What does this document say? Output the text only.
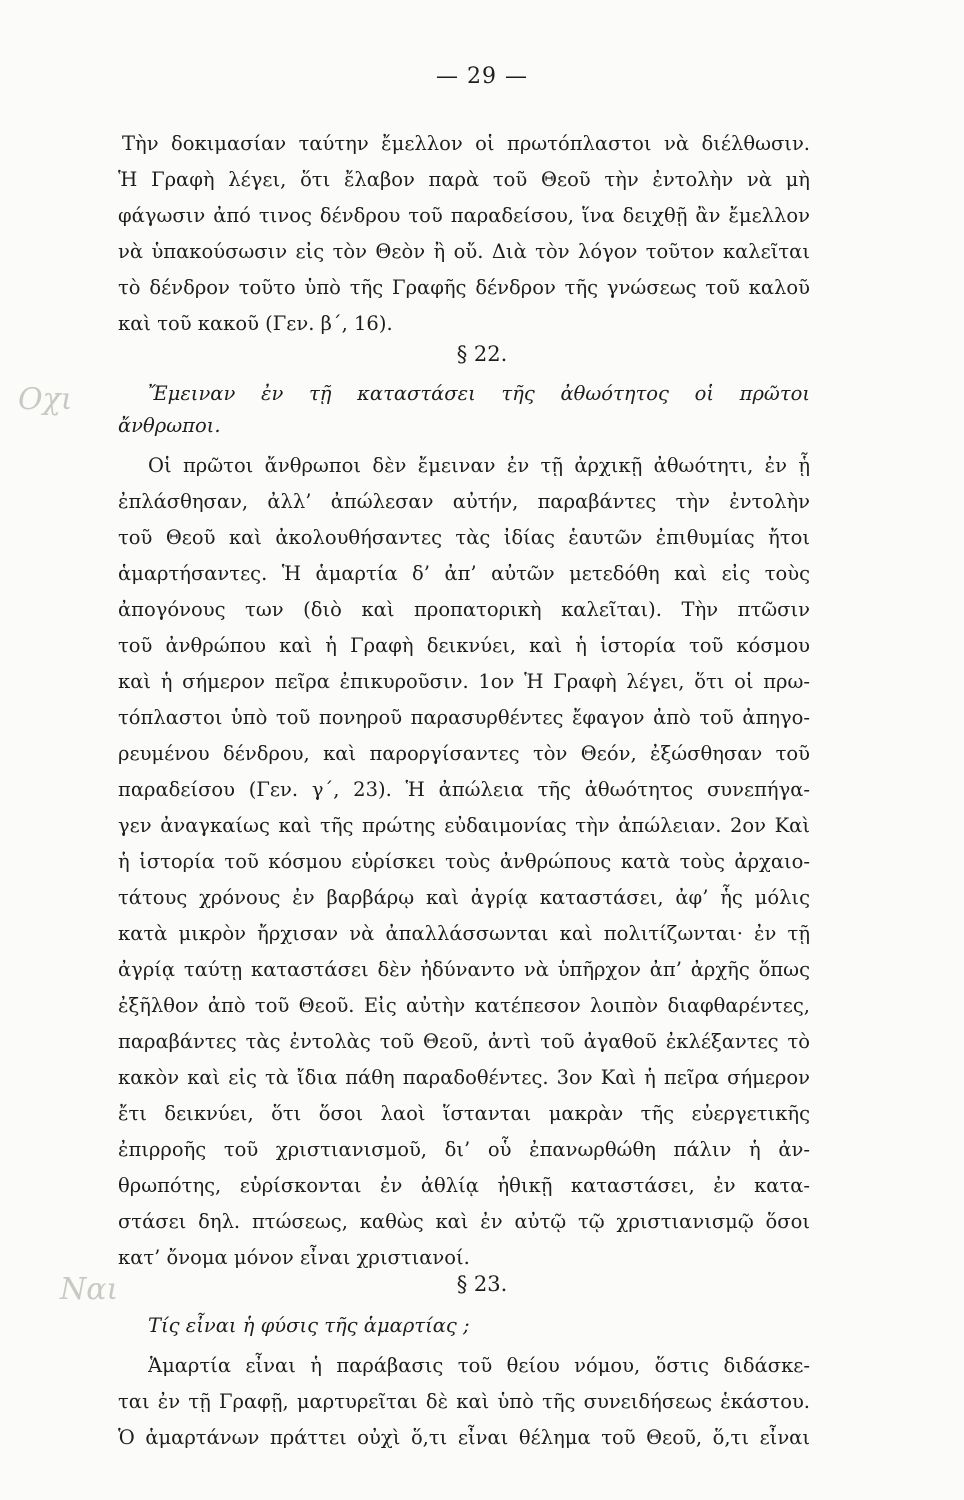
— 29 —
Οχι
Ναι
Τὴν δοκιμασίαν ταύτην ἔμελλον οἱ πρωτόπλαστοι νὰ διέλθωσιν.
Ἡ Γραφὴ λέγει, ὅτι ἔλαβον παρὰ τοῦ Θεοῦ τὴν ἐντολὴν νὰ μὴ
φάγωσιν ἀπό τινος δένδρου τοῦ παραδείσου, ἵνα δειχθῇ ἂν ἔμελλον
νὰ ὑπακούσωσιν εἰς τὸν Θεὸν ἢ οὔ. Διὰ τὸν λόγον τοῦτον καλεῖται
τὸ δένδρον τοῦτο ὑπὸ τῆς Γραφῆς δένδρον τῆς γνώσεως τοῦ καλοῦ
καὶ τοῦ κακοῦ (Γεν. β΄, 16).
§ 22.
Ἔμειναν ἐν τῇ καταστάσει τῆς ἀθωότητος οἱ πρῶτοι
ἄνθρωποι.
Οἱ πρῶτοι ἄνθρωποι δὲν ἔμειναν ἐν τῇ ἀρχικῇ ἀθωότητι, ἐν ᾗ
ἐπλάσθησαν, ἀλλ’ ἀπώλεσαν αὐτήν, παραβάντες τὴν ἐντολὴν
τοῦ Θεοῦ καὶ ἀκολουθήσαντες τὰς ἰδίας ἑαυτῶν ἐπιθυμίας ἤτοι
ἁμαρτήσαντες. Ἡ ἁμαρτία δ’ ἀπ’ αὐτῶν μετεδόθη καὶ εἰς τοὺς
ἀπογόνους των (διὸ καὶ προπατορικὴ καλεῖται). Τὴν πτῶσιν
τοῦ ἀνθρώπου καὶ ἡ Γραφὴ δεικνύει, καὶ ἡ ἱστορία τοῦ κόσμου
καὶ ἡ σήμερον πεῖρα ἐπικυροῦσιν. 1ον Ἡ Γραφὴ λέγει, ὅτι οἱ πρω-
τόπλαστοι ὑπὸ τοῦ πονηροῦ παρασυρθέντες ἔφαγον ἀπὸ τοῦ ἀπηγο-
ρευμένου δένδρου, καὶ παροργίσαντες τὸν Θεόν, ἐξώσθησαν τοῦ
παραδείσου (Γεν. γ΄, 23). Ἡ ἀπώλεια τῆς ἀθωότητος συνεπήγα-
γεν ἀναγκαίως καὶ τῆς πρώτης εὐδαιμονίας τὴν ἀπώλειαν. 2ον Καὶ
ἡ ἱστορία τοῦ κόσμου εὑρίσκει τοὺς ἀνθρώπους κατὰ τοὺς ἀρχαιο-
τάτους χρόνους ἐν βαρβάρῳ καὶ ἀγρίᾳ καταστάσει, ἀφ’ ἧς μόλις
κατὰ μικρὸν ἤρχισαν νὰ ἀπαλλάσσωνται καὶ πολιτίζωνται· ἐν τῇ
ἀγρίᾳ ταύτῃ καταστάσει δὲν ἠδύναντο νὰ ὑπῆρχον ἀπ’ ἀρχῆς ὅπως
ἐξῆλθον ἀπὸ τοῦ Θεοῦ. Εἰς αὐτὴν κατέπεσον λοιπὸν διαφθαρέντες,
παραβάντες τὰς ἐντολὰς τοῦ Θεοῦ, ἀντὶ τοῦ ἀγαθοῦ ἐκλέξαντες τὸ
κακὸν καὶ εἰς τὰ ἴδια πάθη παραδοθέντες. 3ον Καὶ ἡ πεῖρα σήμερον
ἔτι δεικνύει, ὅτι ὅσοι λαοὶ ἵστανται μακρὰν τῆς εὐεργετικῆς
ἐπιρροῆς τοῦ χριστιανισμοῦ, δι’ οὗ ἐπανωρθώθη πάλιν ἡ ἀν-
θρωπότης, εὑρίσκονται ἐν ἀθλίᾳ ἠθικῇ καταστάσει, ἐν κατα-
στάσει δηλ. πτώσεως, καθὼς καὶ ἐν αὐτῷ τῷ χριστιανισμῷ ὅσοι
κατ’ ὄνομα μόνον εἶναι χριστιανοί.
§ 23.
Τίς εἶναι ἡ φύσις τῆς ἁμαρτίας ;
Ἁμαρτία εἶναι ἡ παράβασις τοῦ θείου νόμου, ὅστις διδάσκε-
ται ἐν τῇ Γραφῇ, μαρτυρεῖται δὲ καὶ ὑπὸ τῆς συνειδήσεως ἑκάστου.
Ὁ ἁμαρτάνων πράττει οὐχὶ ὅ,τι εἶναι θέλημα τοῦ Θεοῦ, ὅ,τι εἶναι
